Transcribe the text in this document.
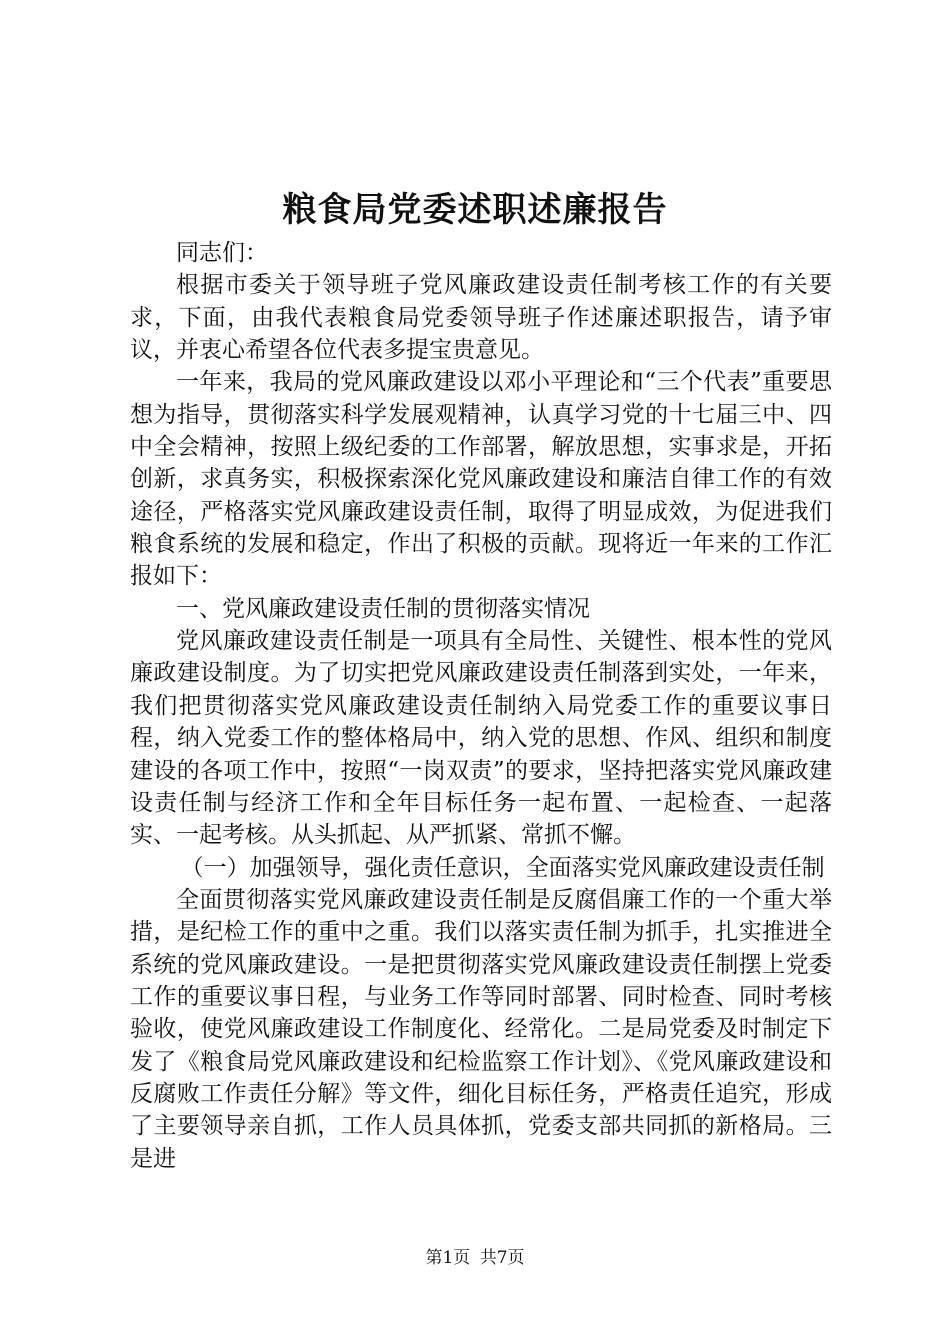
粮食局党委述职述廉报告

同志们：

根据市委关于领导班子党风廉政建设责任制考核工作的有关要求，下面，由我代表粮食局党委领导班子作述廉述职报告，请予审议，并衷心希望各位代表多提宝贵意见。

一年来，我局的党风廉政建设以邓小平理论和“三个代表”重要思想为指导，贯彻落实科学发展观精神，认真学习党的十七届三中、四中全会精神，按照上级纪委的工作部署，解放思想，实事求是，开拓创新，求真务实，积极探索深化党风廉政建设和廉洁自律工作的有效途径，严格落实党风廉政建设责任制，取得了明显成效，为促进我们粮食系统的发展和稳定，作出了积极的贡献。现将近一年来的工作汇报如下：

一、党风廉政建设责任制的贯彻落实情况

党风廉政建设责任制是一项具有全局性、关键性、根本性的党风廉政建设制度。为了切实把党风廉政建设责任制落到实处，一年来，我们把贯彻落实党风廉政建设责任制纳入局党委工作的重要议事日程，纳入党委工作的整体格局中，纳入党的思想、作风、组织和制度建设的各项工作中，按照“一岗双责”的要求，坚持把落实党风廉政建设责任制与经济工作和全年目标任务一起布置、一起检查、一起落实、一起考核。从头抓起、从严抓紧、常抓不懈。

（一）加强领导，强化责任意识，全面落实党风廉政建设责任制

全面贯彻落实党风廉政建设责任制是反腐倡廉工作的一个重大举措，是纪检工作的重中之重。我们以落实责任制为抓手，扎实推进全系统的党风廉政建设。一是把贯彻落实党风廉政建设责任制摆上党委工作的重要议事日程，与业务工作等同时部署、同时检查、同时考核验收，使党风廉政建设工作制度化、经常化。二是局党委及时制定下发了《粮食局党风廉政建设和纪检监察工作计划》、《党风廉政建设和反腐败工作责任分解》等文件，细化目标任务，严格责任追究，形成了主要领导亲自抓，工作人员具体抓，党委支部共同抓的新格局。三是进

第1页 共7页
